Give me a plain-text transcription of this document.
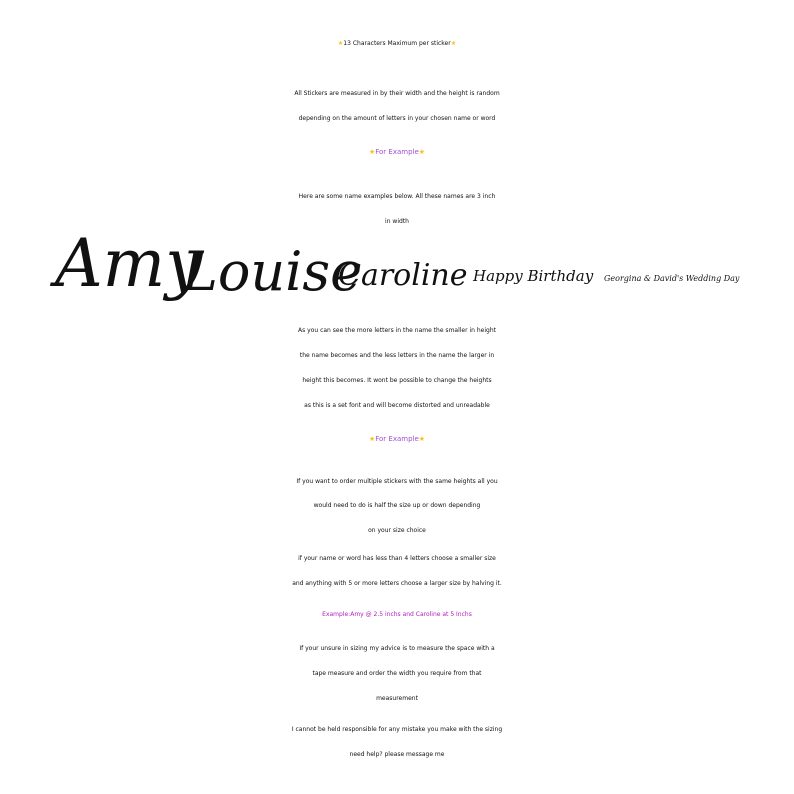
★13 Characters Maximum per sticker★
All Stickers are measured in by their width and the height is random
depending on the amount of letters in your chosen name or word
★For Example★
Here are some name examples below. All these names are 3 inch
in width
Amy
Louise
Caroline Happy Birthday Georgina & David's Wedding Day
As you can see the more letters in the name the smaller in height
the name becomes and the less letters in the name the larger in
height this becomes. It wont be possible to change the heights
as this is a set font and will become distorted and unreadable
★For Example★
If you want to order multiple stickers with the same heights all you
would need to do is half the size up or down depending
on your size choice
if your name or word has less than 4 letters choose a smaller size
and anything with 5 or more letters choose a larger size by halving it.
Example:Amy @ 2.5 inchs and Caroline at 5 Inchs
If your unsure in sizing my advice is to measure the space with a
tape measure and order the width you require from that
measurement
I cannot be held responsible for any mistake you make with the sizing
need help? please message me
